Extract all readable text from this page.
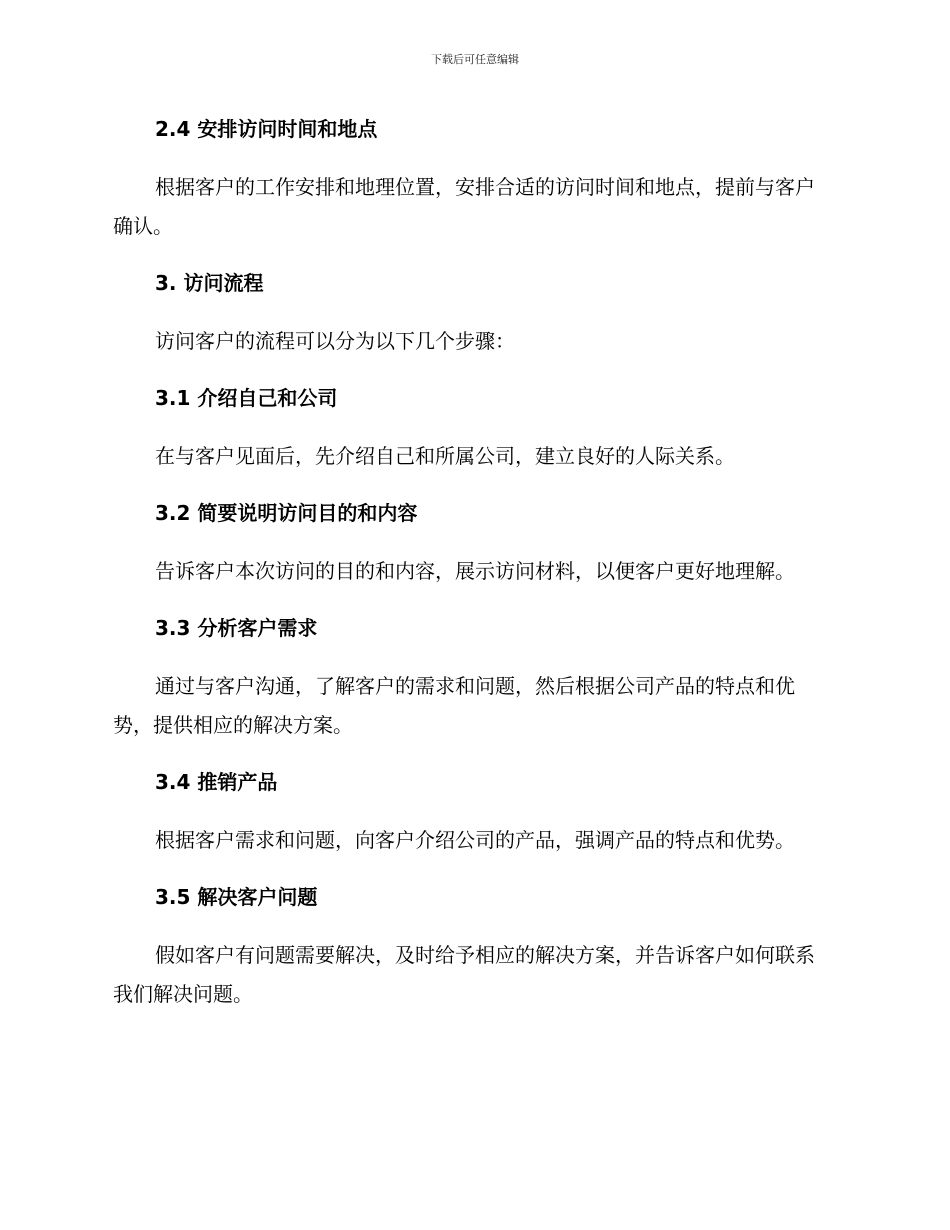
下载后可任意编辑
2.4 安排访问时间和地点

根据客户的工作安排和地理位置，安排合适的访问时间和地点，提前与客户确认。

3. 访问流程

访问客户的流程可以分为以下几个步骤：

3.1 介绍自己和公司

在与客户见面后，先介绍自己和所属公司，建立良好的人际关系。

3.2 简要说明访问目的和内容

告诉客户本次访问的目的和内容，展示访问材料，以便客户更好地理解。

3.3 分析客户需求

通过与客户沟通，了解客户的需求和问题，然后根据公司产品的特点和优势，提供相应的解决方案。

3.4 推销产品

根据客户需求和问题，向客户介绍公司的产品，强调产品的特点和优势。

3.5 解决客户问题

假如客户有问题需要解决，及时给予相应的解决方案，并告诉客户如何联系我们解决问题。
